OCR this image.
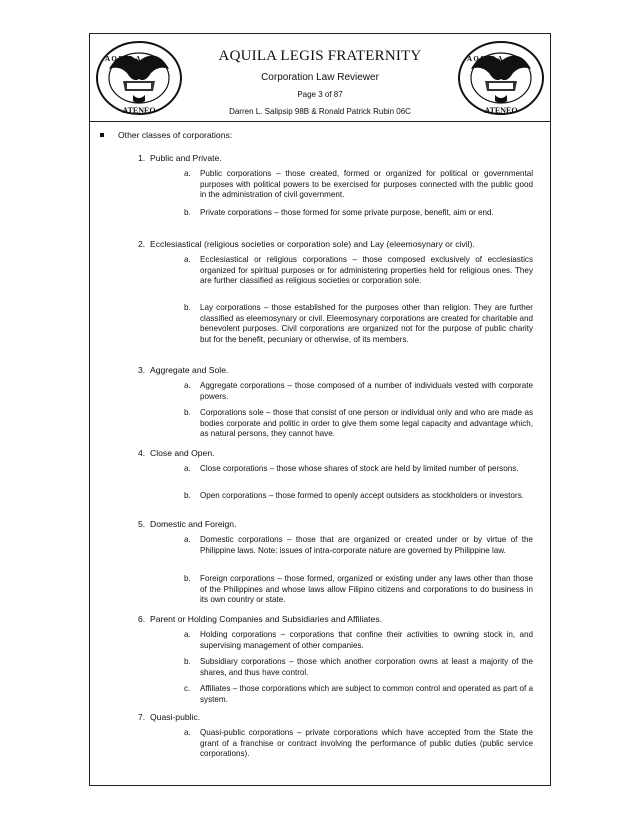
ATENEO
A Q U I L A	AQUILA LEGIS FRATERNITY
Corporation Law Reviewer
Page 3 of 87
Darren L. Salipsip 98B & Ronald Patrick Rubin 06C	ATENEO
A Q U I L A
Other classes of corporations:
1. Public and Private.
a. Public corporations – those created, formed or organized for political or governmental purposes with political powers to be exercised for purposes connected with the public good in the administration of civil government.
b. Private corporations – those formed for some private purpose, benefit, aim or end.
2. Ecclesiastical (religious societies or corporation sole) and Lay (eleemosynary or civil).
a. Ecclesiastical or religious corporations – those composed exclusively of ecclesiastics organized for spiritual purposes or for administering properties held for religious ones. They are further classified as religious societies or corporation sole.
b. Lay corporations – those established for the purposes other than religion. They are further classified as eleemosynary or civil. Eleemosynary corporations are created for charitable and benevolent purposes. Civil corporations are organized not for the purpose of public charity but for the benefit, pecuniary or otherwise, of its members.
3. Aggregate and Sole.
a. Aggregate corporations – those composed of a number of individuals vested with corporate powers.
b. Corporations sole – those that consist of one person or individual only and who are made as bodies corporate and politic in order to give them some legal capacity and advantage which, as natural persons, they cannot have.
4. Close and Open.
a. Close corporations – those whose shares of stock are held by limited number of persons.
b. Open corporations – those formed to openly accept outsiders as stockholders or investors.
5. Domestic and Foreign.
a. Domestic corporations – those that are organized or created under or by virtue of the Philippine laws. Note: issues of intra-corporate nature are governed by Philippine law.
b. Foreign corporations – those formed, organized or existing under any laws other than those of the Philippines and whose laws allow Filipino citizens and corporations to do business in its own country or state.
6. Parent or Holding Companies and Subsidiaries and Affiliates.
a. Holding corporations – corporations that confine their activities to owning stock in, and supervising management of other companies.
b. Subsidiary corporations – those which another corporation owns at least a majority of the shares, and thus have control.
c. Affiliates – those corporations which are subject to common control and operated as part of a system.
7. Quasi-public.
a. Quasi-public corporations – private corporations which have accepted from the State the grant of a franchise or contract involving the performance of public duties (public service corporations).
